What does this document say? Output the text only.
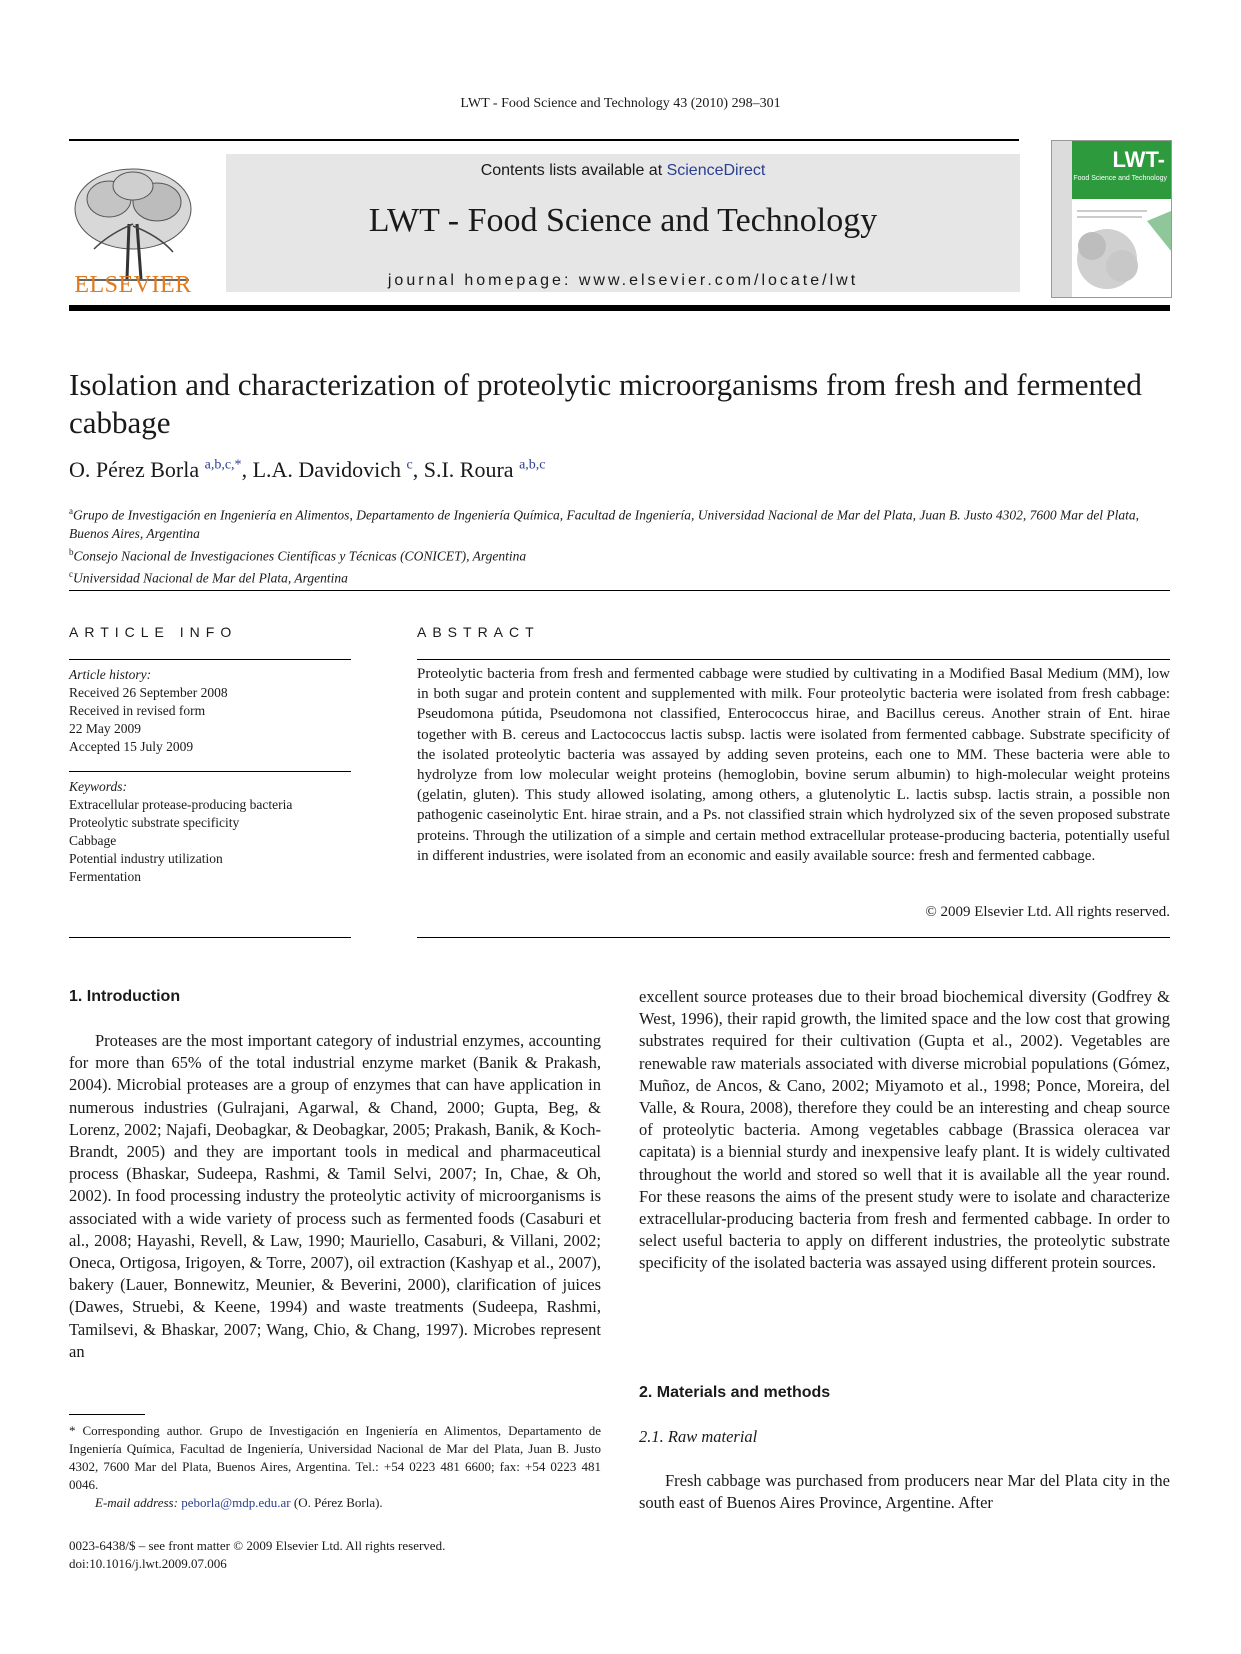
LWT - Food Science and Technology 43 (2010) 298–301
ELSEVIER
Contents lists available at ScienceDirect
LWT - Food Science and Technology
journal homepage: www.elsevier.com/locate/lwt
LWT-
Food Science and Technology
Isolation and characterization of proteolytic microorganisms from fresh and fermented cabbage
O. Pérez Borla $^{a,b,c,*}$, L.A. Davidovich $^c$, S.I. Roura $^{a,b,c}$
$^a$Grupo de Investigación en Ingeniería en Alimentos, Departamento de Ingeniería Química, Facultad de Ingeniería, Universidad Nacional de Mar del Plata, Juan B. Justo 4302, 7600 Mar del Plata, Buenos Aires, Argentina
$^b$Consejo Nacional de Investigaciones Científicas y Técnicas (CONICET), Argentina
$^c$Universidad Nacional de Mar del Plata, Argentina
ARTICLE INFO
Article history:
Received 26 September 2008
Received in revised form
22 May 2009
Accepted 15 July 2009
Keywords:
Extracellular protease-producing bacteria
Proteolytic substrate specificity
Cabbage
Potential industry utilization
Fermentation
ABSTRACT
Proteolytic bacteria from fresh and fermented cabbage were studied by cultivating in a Modified Basal Medium (MM), low in both sugar and protein content and supplemented with milk. Four proteolytic bacteria were isolated from fresh cabbage: Pseudomona pútida, Pseudomona not classified, Enterococcus hirae, and Bacillus cereus. Another strain of Ent. hirae together with B. cereus and Lactococcus lactis subsp. lactis were isolated from fermented cabbage. Substrate specificity of the isolated proteolytic bacteria was assayed by adding seven proteins, each one to MM. These bacteria were able to hydrolyze from low molecular weight proteins (hemoglobin, bovine serum albumin) to high-molecular weight proteins (gelatin, gluten). This study allowed isolating, among others, a glutenolytic L. lactis subsp. lactis strain, a possible non pathogenic caseinolytic Ent. hirae strain, and a Ps. not classified strain which hydrolyzed six of the seven proposed substrate proteins. Through the utilization of a simple and certain method extracellular protease-producing bacteria, potentially useful in different industries, were isolated from an economic and easily available source: fresh and fermented cabbage.
© 2009 Elsevier Ltd. All rights reserved.
1. Introduction

Proteases are the most important category of industrial enzymes, accounting for more than 65% of the total industrial enzyme market (Banik & Prakash, 2004). Microbial proteases are a group of enzymes that can have application in numerous industries (Gulrajani, Agarwal, & Chand, 2000; Gupta, Beg, & Lorenz, 2002; Najafi, Deobagkar, & Deobagkar, 2005; Prakash, Banik, & Koch-Brandt, 2005) and they are important tools in medical and pharmaceutical process (Bhaskar, Sudeepa, Rashmi, & Tamil Selvi, 2007; In, Chae, & Oh, 2002). In food processing industry the proteolytic activity of microorganisms is associated with a wide variety of process such as fermented foods (Casaburi et al., 2008; Hayashi, Revell, & Law, 1990; Mauriello, Casaburi, & Villani, 2002; Oneca, Ortigosa, Irigoyen, & Torre, 2007), oil extraction (Kashyap et al., 2007), bakery (Lauer, Bonnewitz, Meunier, & Beverini, 2000), clarification of juices (Dawes, Struebi, & Keene, 1994) and waste treatments (Sudeepa, Rashmi, Tamilsevi, & Bhaskar, 2007; Wang, Chio, & Chang, 1997). Microbes represent an

excellent source proteases due to their broad biochemical diversity (Godfrey & West, 1996), their rapid growth, the limited space and the low cost that growing substrates required for their cultivation (Gupta et al., 2002). Vegetables are renewable raw materials associated with diverse microbial populations (Gómez, Muñoz, de Ancos, & Cano, 2002; Miyamoto et al., 1998; Ponce, Moreira, del Valle, & Roura, 2008), therefore they could be an interesting and cheap source of proteolytic bacteria. Among vegetables cabbage (Brassica oleracea var capitata) is a biennial sturdy and inexpensive leafy plant. It is widely cultivated throughout the world and stored so well that it is available all the year round. For these reasons the aims of the present study were to isolate and characterize extracellular-producing bacteria from fresh and fermented cabbage. In order to select useful bacteria to apply on different industries, the proteolytic substrate specificity of the isolated bacteria was assayed using different protein sources.

2. Materials and methods
2.1. Raw material

Fresh cabbage was purchased from producers near Mar del Plata city in the south east of Buenos Aires Province, Argentine. After

* Corresponding author. Grupo de Investigación en Ingeniería en Alimentos, Departamento de Ingeniería Química, Facultad de Ingeniería, Universidad Nacional de Mar del Plata, Juan B. Justo 4302, 7600 Mar del Plata, Buenos Aires, Argentina. Tel.: +54 0223 481 6600; fax: +54 0223 481 0046.
E-mail address: peborla@mdp.edu.ar (O. Pérez Borla).
0023-6438/$ – see front matter © 2009 Elsevier Ltd. All rights reserved.
doi:10.1016/j.lwt.2009.07.006
